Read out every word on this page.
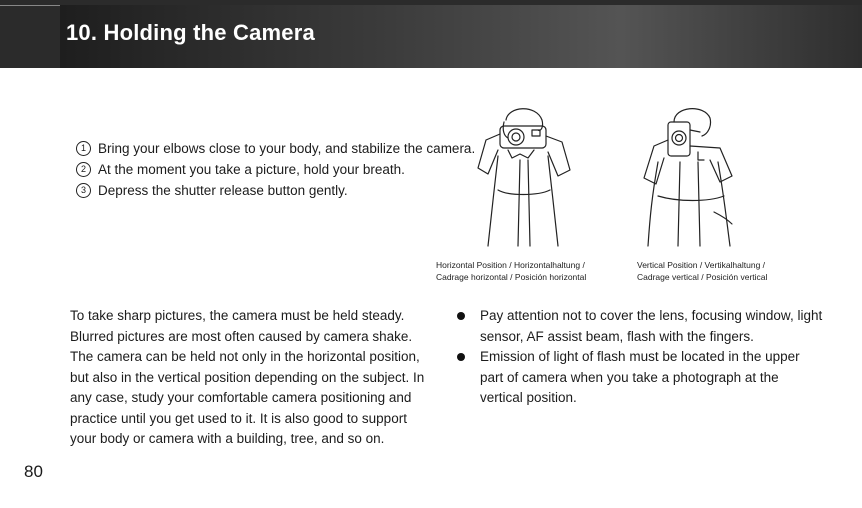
10. Holding the Camera
1 Bring your elbows close to your body, and stabilize the camera.
2 At the moment you take a picture, hold your breath.
3 Depress the shutter release button gently.
Horizontal Position / Horizontalhaltung /
Cadrage horizontal / Posición horizontal
Vertical Position / Vertikalhaltung /
Cadrage vertical / Posición vertical
To take sharp pictures, the camera must be held steady. Blurred pictures are most often caused by camera shake. The camera can be held not only in the horizontal position, but also in the vertical position depending on the subject. In any case, study your comfortable camera positioning and practice until you get used to it. It is also good to support your body or camera with a building, tree, and so on.
Pay attention not to cover the lens, focusing window, light sensor, AF assist beam, flash with the fingers.
Emission of light of flash must be located in the upper part of camera when you take a photograph at the vertical position.
80
